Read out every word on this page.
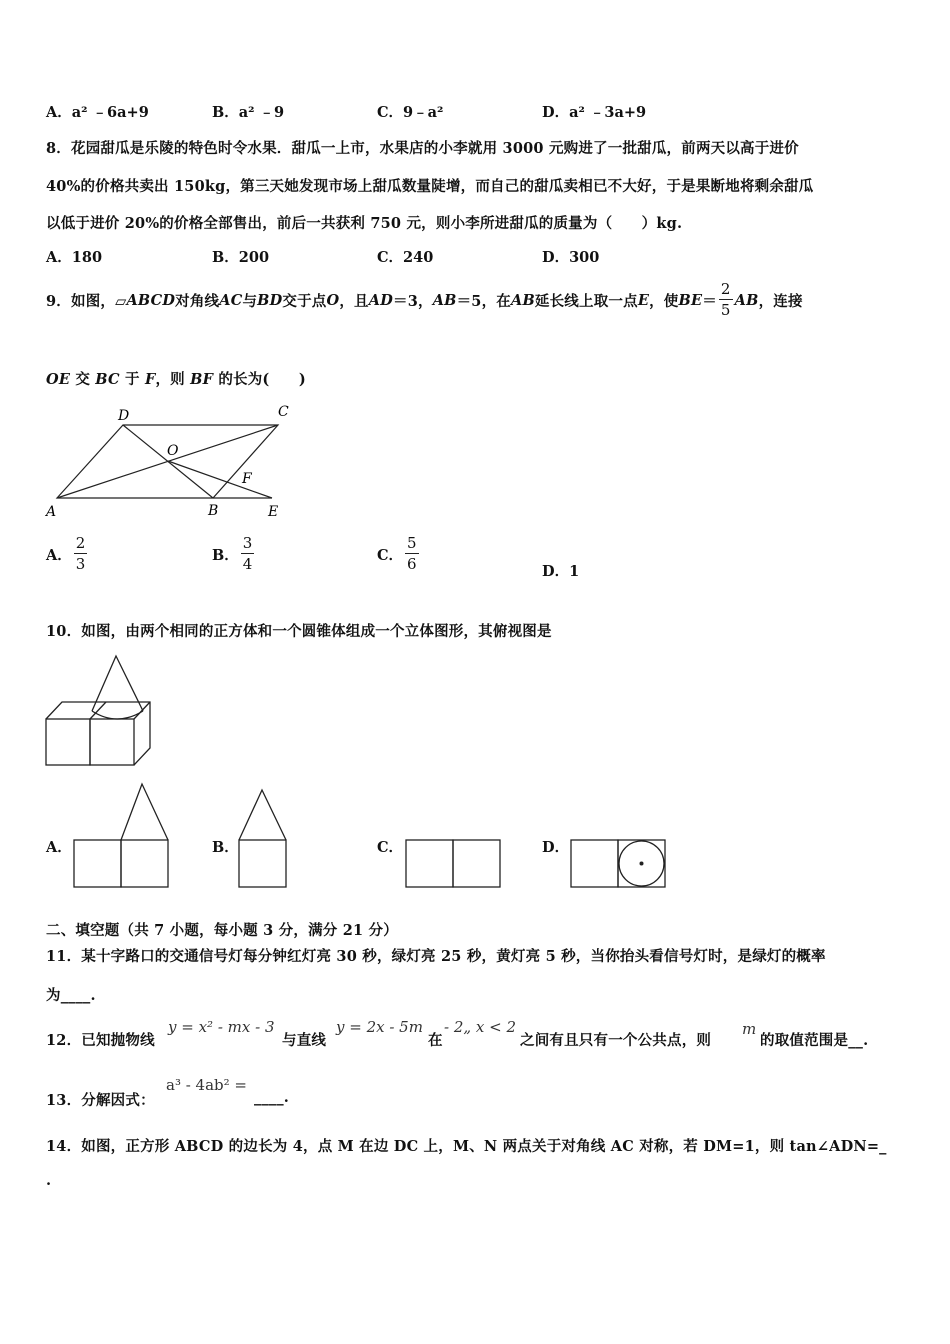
A．a² ﹣6a+9	B．a² ﹣9	C．9﹣a²	D．a² ﹣3a+9
8．花园甜瓜是乐陵的特色时令水果．甜瓜一上市，水果店的小李就用 3000 元购进了一批甜瓜，前两天以高于进价
40%的价格共卖出 150kg，第三天她发现市场上甜瓜数量陡增，而自己的甜瓜卖相已不大好，于是果断地将剩余甜瓜
以低于进价 20%的价格全部售出，前后一共获利 750 元，则小李所进甜瓜的质量为（　　）kg.
A．180	B．200	C．240	D．300
9．如图，▱ ABCD 对角线 AC 与 BD 交于点 O ，且 AD ＝3， AB ＝5，在 AB 延长线上取一点 E ，使 BE ＝ $\frac{2}{5}$ AB ，连接
OE 交 BC 于 F，则 BF 的长为(　　)
A	B
C
D
E
F
O
A． $\frac{2}{3}$	B． $\frac{3}{4}$	C． $\frac{5}{6}$	D．1
10．如图，由两个相同的正方体和一个圆锥体组成一个立体图形，其俯视图是
A．	B．	C．	D．
二、填空题（共 7 小题，每小题 3 分，满分 21 分）
11．某十字路口的交通信号灯每分钟红灯亮 30 秒，绿灯亮 25 秒，黄灯亮 5 秒，当你抬头看信号灯时，是绿灯的概率
为____.
12．已知抛物线
y = x² - mx - 3
与直线
y = 2x - 5m
在
- 2„ x < 2
之间有且只有一个公共点，则
m
的取值范围是__.
13．分解因式：
a³ - 4ab² =
____.
14．如图，正方形 ABCD 的边长为 4，点 M 在边 DC 上，M、N 两点关于对角线 AC 对称，若 DM=1，则 tan∠ADN=_
.
